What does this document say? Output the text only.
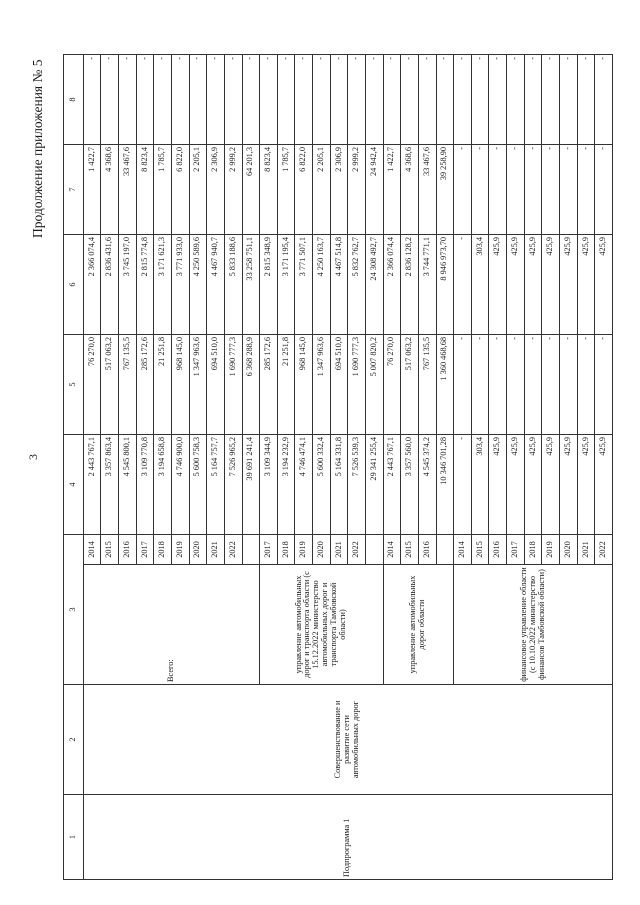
Продолжение приложения № 5
3
1	2	3		4	5	6	7	8
Подпрограмма 1	Совершенствование и развитие сети автомобильных дорог	Всего:	2014	2 443 767,1	76 270,0	2 366 074,4	1 422,7	-
			2015	3 357 863,4	517 063,2	2 836 431,6	4 368,6	-
			2016	4 545 800,1	767 135,5	3 745 197,0	33 467,6	-
			2017	3 109 770,8	285 172,6	2 815 774,8	8 823,4	-
			2018	3 194 658,8	21 251,8	3 171 621,3	1 785,7	-
			2019	4 746 900,0	968 145,0	3 771 933,0	6 822,0	-
			2020	5 600 758,3	1 347 963,6	4 250 589,6	2 205,1	-
			2021	5 164 757,7	694 510,0	4 467 940,7	2 306,9	-
			2022	7 526 965,2	1 690 777,3	5 833 188,6	2 999,2	-
				39 691 241,4	6 368 288,9	33 258 751,1	64 201,3	-
		управление автомобильных дорог и транспорта области (с 15.12.2022 министерство автомобильных дорог и транспорта Тамбовской области)	2017	3 109 344,9	285 172,6	2 815 348,9	8 823,4	-
			2018	3 194 232,9	21 251,8	3 171 195,4	1 785,7	-
			2019	4 746 474,1	968 145,0	3 771 507,1	6 822,0	-
			2020	5 600 332,4	1 347 963,6	4 250 163,7	2 205,1	-
			2021	5 164 331,8	694 510,0	4 467 514,8	2 306,9	-
			2022	7 526 539,3	1 690 777,3	5 832 762,7	2 999,2	-
				29 341 255,4	5 007 820,2	24 308 492,7	24 942,4	-
		управление автомобильных дорог области	2014	2 443 767,1	76 270,0	2 366 074,4	1 422,7	-
			2015	3 357 560,0	517 063,2	2 836 128,2	4 368,6	-
			2016	4 545 374,2	767 135,5	3 744 771,1	33 467,6	-
				10 346 701,28	1 360 468,68	8 946 973,70	39 258,90	-
		финансовое управление области (с 10.10.2022 министерство финансов Тамбовской области)	2014	-	-	-	-	-
			2015	303,4	-	303,4	-	-
			2016	425,9	-	425,9	-	-
			2017	425,9	-	425,9	-	-
			2018	425,9	-	425,9	-	-
			2019	425,9	-	425,9	-	-
			2020	425,9	-	425,9	-	-
			2021	425,9	-	425,9	-	-
			2022	425,9	-	425,9	-	-
